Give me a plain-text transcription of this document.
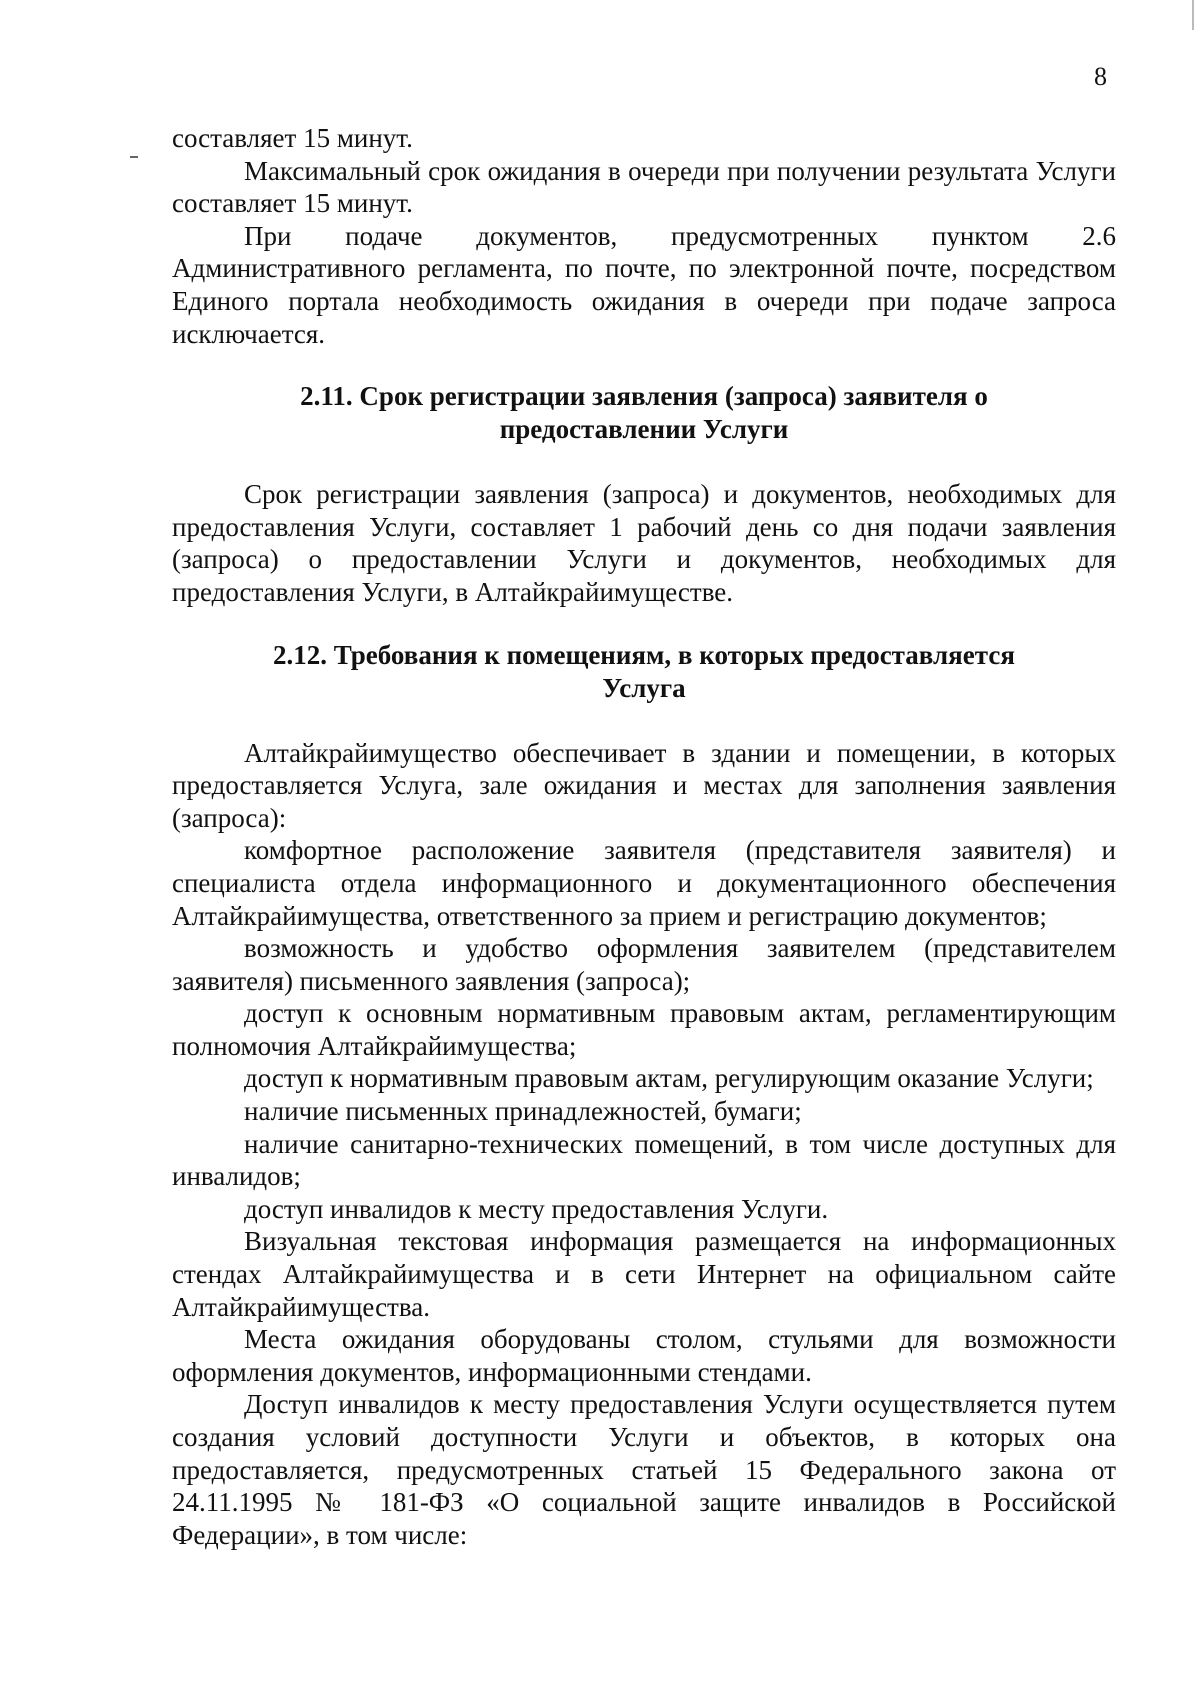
8

составляет 15 минут.

Максимальный срок ожидания в очереди при получении результата Услуги составляет 15 минут.

При подаче документов, предусмотренных пунктом 2.6 Административного регламента, по почте, по электронной почте, посредством Единого портала необходимость ожидания в очереди при подаче запроса исключается.

2.11. Срок регистрации заявления (запроса) заявителя о
предоставлении Услуги

Срок регистрации заявления (запроса) и документов, необходимых для предоставления Услуги, составляет 1 рабочий день со дня подачи заявления (запроса) о предоставлении Услуги и документов, необходимых для предоставления Услуги, в Алтайкрайимуществе.

2.12. Требования к помещениям, в которых предоставляется
Услуга

Алтайкрайимущество обеспечивает в здании и помещении, в которых предоставляется Услуга, зале ожидания и местах для заполнения заявления (запроса):

комфортное расположение заявителя (представителя заявителя) и специалиста отдела информационного и документационного обеспечения Алтайкрайимущества, ответственного за прием и регистрацию документов;

возможность и удобство оформления заявителем (представителем заявителя) письменного заявления (запроса);

доступ к основным нормативным правовым актам, регламентирующим полномочия Алтайкрайимущества;

доступ к нормативным правовым актам, регулирующим оказание Услуги;

наличие письменных принадлежностей, бумаги;

наличие санитарно-технических помещений, в том числе доступных для инвалидов;

доступ инвалидов к месту предоставления Услуги.

Визуальная текстовая информация размещается на информационных стендах Алтайкрайимущества и в сети Интернет на официальном сайте Алтайкрайимущества.

Места ожидания оборудованы столом, стульями для возможности оформления документов, информационными стендами.

Доступ инвалидов к месту предоставления Услуги осуществляется путем создания условий доступности Услуги и объектов, в которых она предоставляется, предусмотренных статьей 15 Федерального закона от 24.11.1995 № 181-ФЗ «О социальной защите инвалидов в Российской Федерации», в том числе:
